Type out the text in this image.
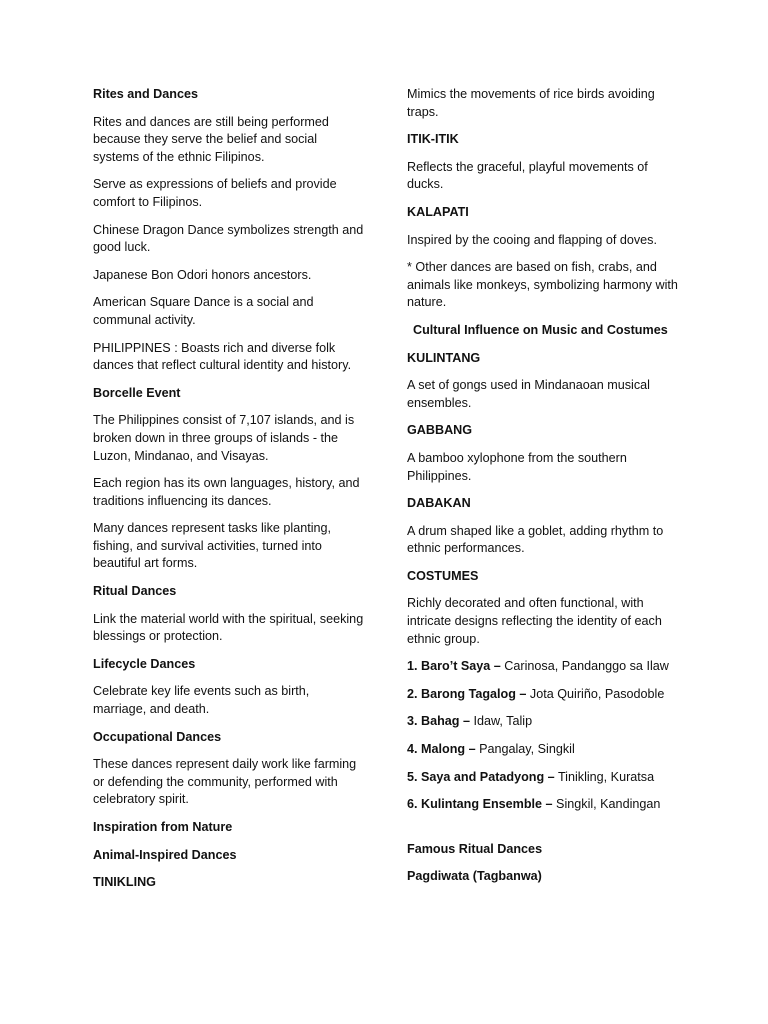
Rites and Dances

Rites and dances are still being performed because they serve the belief and social systems of the ethnic Filipinos.

Serve as expressions of beliefs and provide comfort to Filipinos.

Chinese Dragon Dance symbolizes strength and good luck.

Japanese Bon Odori honors ancestors.

American Square Dance is a social and communal activity.

PHILIPPINES : Boasts rich and diverse folk dances that reflect cultural identity and history.

Borcelle Event

The Philippines consist of 7,107 islands, and is broken down in three groups of islands - the Luzon, Mindanao, and Visayas.

Each region has its own languages, history, and traditions influencing its dances.

Many dances represent tasks like planting, fishing, and survival activities, turned into beautiful art forms.

Ritual Dances

Link the material world with the spiritual, seeking blessings or protection.

Lifecycle Dances

Celebrate key life events such as birth, marriage, and death.

Occupational Dances

These dances represent daily work like farming or defending the community, performed with celebratory spirit.

Inspiration from Nature

Animal-Inspired Dances

TINIKLING

Mimics the movements of rice birds avoiding traps.

ITIK-ITIK

Reflects the graceful, playful movements of ducks.

KALAPATI

Inspired by the cooing and flapping of doves.

* Other dances are based on fish, crabs, and animals like monkeys, symbolizing harmony with nature.

Cultural Influence on Music and Costumes

KULINTANG

A set of gongs used in Mindanaoan musical ensembles.

GABBANG

A bamboo xylophone from the southern Philippines.

DABAKAN

A drum shaped like a goblet, adding rhythm to ethnic performances.

COSTUMES

Richly decorated and often functional, with intricate designs reflecting the identity of each ethnic group.

1. Baro’t Saya – Carinosa, Pandanggo sa Ilaw

2. Barong Tagalog – Jota Quiriño, Pasodoble

3. Bahag – Idaw, Talip

4. Malong – Pangalay, Singkil

5. Saya and Patadyong – Tinikling, Kuratsa

6. Kulintang Ensemble – Singkil, Kandingan

Famous Ritual Dances

Pagdiwata (Tagbanwa)
